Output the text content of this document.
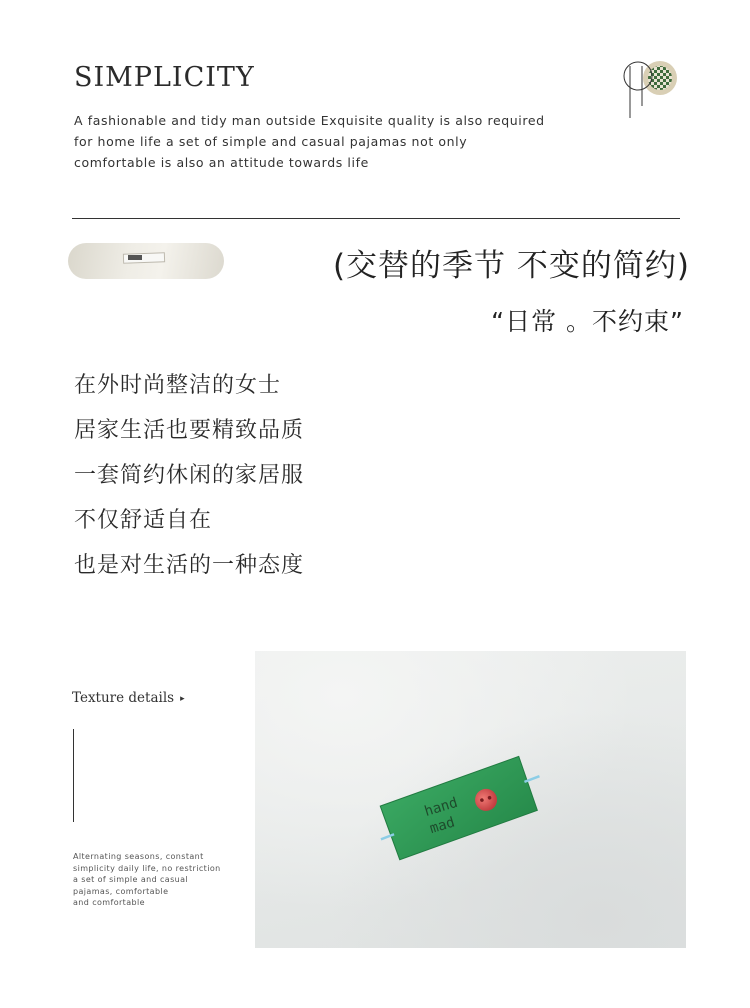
SIMPLICITY
A fashionable and tidy man outside Exquisite quality is also required
for home life a set of simple and casual pajamas not only
comfortable is also an attitude towards life
(交替的季节 不变的简约)
“日常 。不约束”
在外时尚整洁的女士
居家生活也要精致品质
一套简约休闲的家居服
不仅舒适自在
也是对生活的一种态度
Texture details ▸
Alternating seasons, constant
simplicity daily life, no restriction
a set of simple and casual
pajamas, comfortable
and comfortable
hand
mad
